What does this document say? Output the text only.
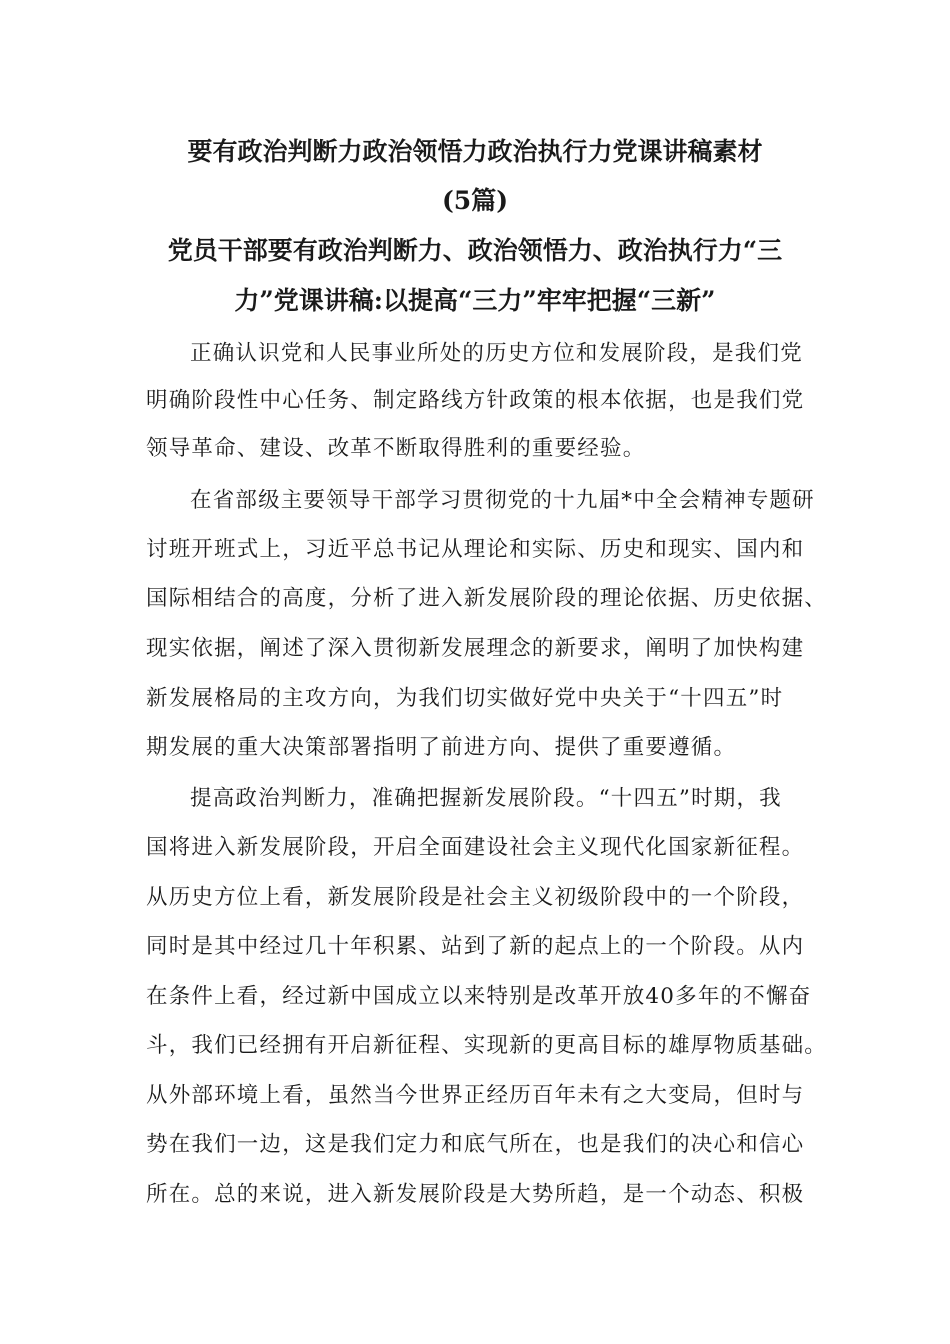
要有政治判断力政治领悟力政治执行力党课讲稿素材
(5篇)
党员干部要有政治判断力、政治领悟力、政治执行力“三
力”党课讲稿:以提高“三力”牢牢把握“三新”
正确认识党和人民事业所处的历史方位和发展阶段，是我们党
明确阶段性中心任务、制定路线方针政策的根本依据，也是我们党
领导革命、建设、改革不断取得胜利的重要经验。
在省部级主要领导干部学习贯彻党的十九届*中全会精神专题研
讨班开班式上，习近平总书记从理论和实际、历史和现实、国内和
国际相结合的高度，分析了进入新发展阶段的理论依据、历史依据、
现实依据，阐述了深入贯彻新发展理念的新要求，阐明了加快构建
新发展格局的主攻方向，为我们切实做好党中央关于“十四五”时
期发展的重大决策部署指明了前进方向、提供了重要遵循。
提高政治判断力，准确把握新发展阶段。“十四五”时期，我
国将进入新发展阶段，开启全面建设社会主义现代化国家新征程。
从历史方位上看，新发展阶段是社会主义初级阶段中的一个阶段，
同时是其中经过几十年积累、站到了新的起点上的一个阶段。从内
在条件上看，经过新中国成立以来特别是改革开放40多年的不懈奋
斗，我们已经拥有开启新征程、实现新的更高目标的雄厚物质基础。
从外部环境上看，虽然当今世界正经历百年未有之大变局，但时与
势在我们一边，这是我们定力和底气所在，也是我们的决心和信心
所在。总的来说，进入新发展阶段是大势所趋，是一个动态、积极
